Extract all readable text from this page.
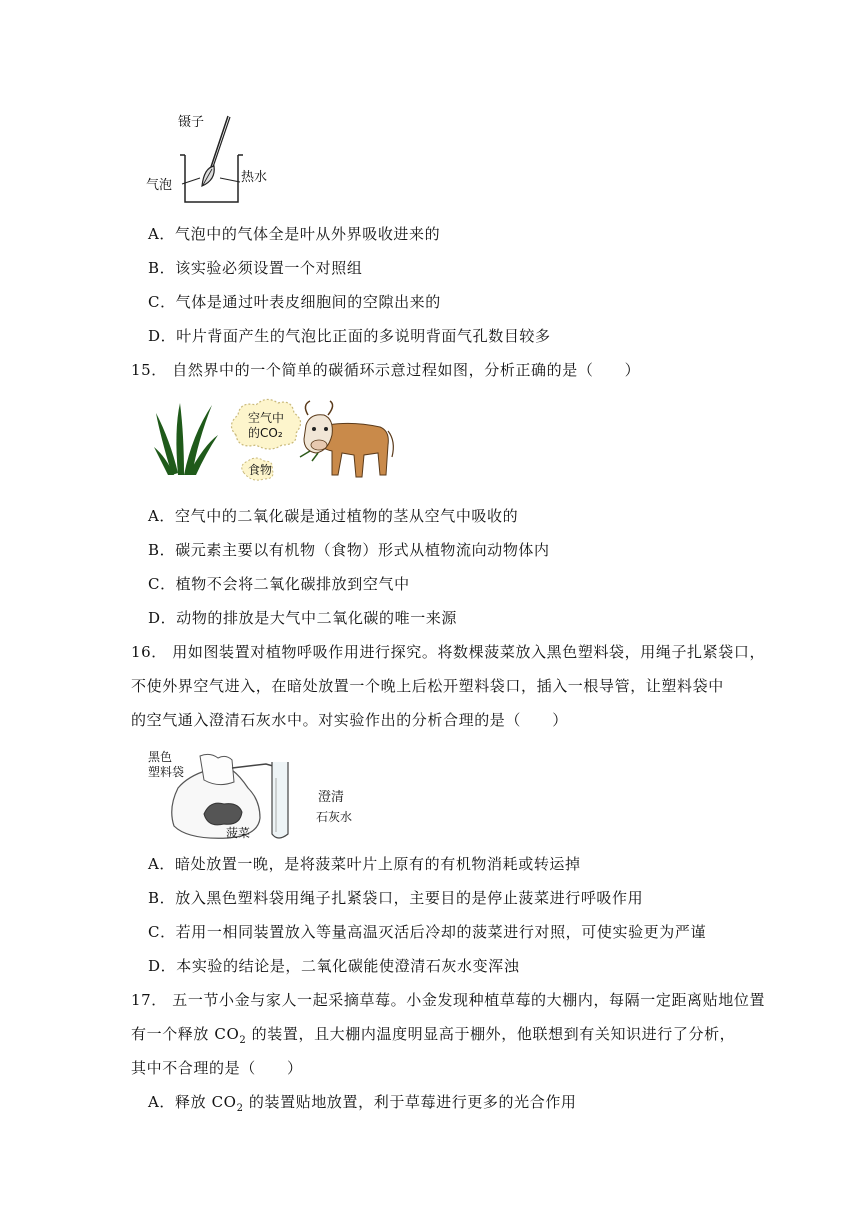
镊子
气泡
热水
A．气泡中的气体全是叶从外界吸收进来的
B．该实验必须设置一个对照组
C．气体是通过叶表皮细胞间的空隙出来的
D．叶片背面产生的气泡比正面的多说明背面气孔数目较多
15． 自然界中的一个简单的碳循环示意过程如图，分析正确的是（　　）
空气中
的CO₂
食物
A．空气中的二氧化碳是通过植物的茎从空气中吸收的
B．碳元素主要以有机物（食物）形式从植物流向动物体内
C．植物不会将二氧化碳排放到空气中
D．动物的排放是大气中二氧化碳的唯一来源
16． 用如图装置对植物呼吸作用进行探究。将数棵菠菜放入黑色塑料袋，用绳子扎紧袋口，
不使外界空气进入，在暗处放置一个晚上后松开塑料袋口，插入一根导管，让塑料袋中
的空气通入澄清石灰水中。对实验作出的分析合理的是（　　）
黑色
塑料袋
菠菜
澄清
石灰水
A．暗处放置一晚，是将菠菜叶片上原有的有机物消耗或转运掉
B．放入黑色塑料袋用绳子扎紧袋口，主要目的是停止菠菜进行呼吸作用
C．若用一相同装置放入等量高温灭活后冷却的菠菜进行对照，可使实验更为严谨
D．本实验的结论是，二氧化碳能使澄清石灰水变浑浊
17． 五一节小金与家人一起采摘草莓。小金发现种植草莓的大棚内，每隔一定距离贴地位置
有一个释放 $CO_2$ 的装置，且大棚内温度明显高于棚外，他联想到有关知识进行了分析，
其中不合理的是（　　）
A．释放 $CO_2$ 的装置贴地放置，利于草莓进行更多的光合作用
